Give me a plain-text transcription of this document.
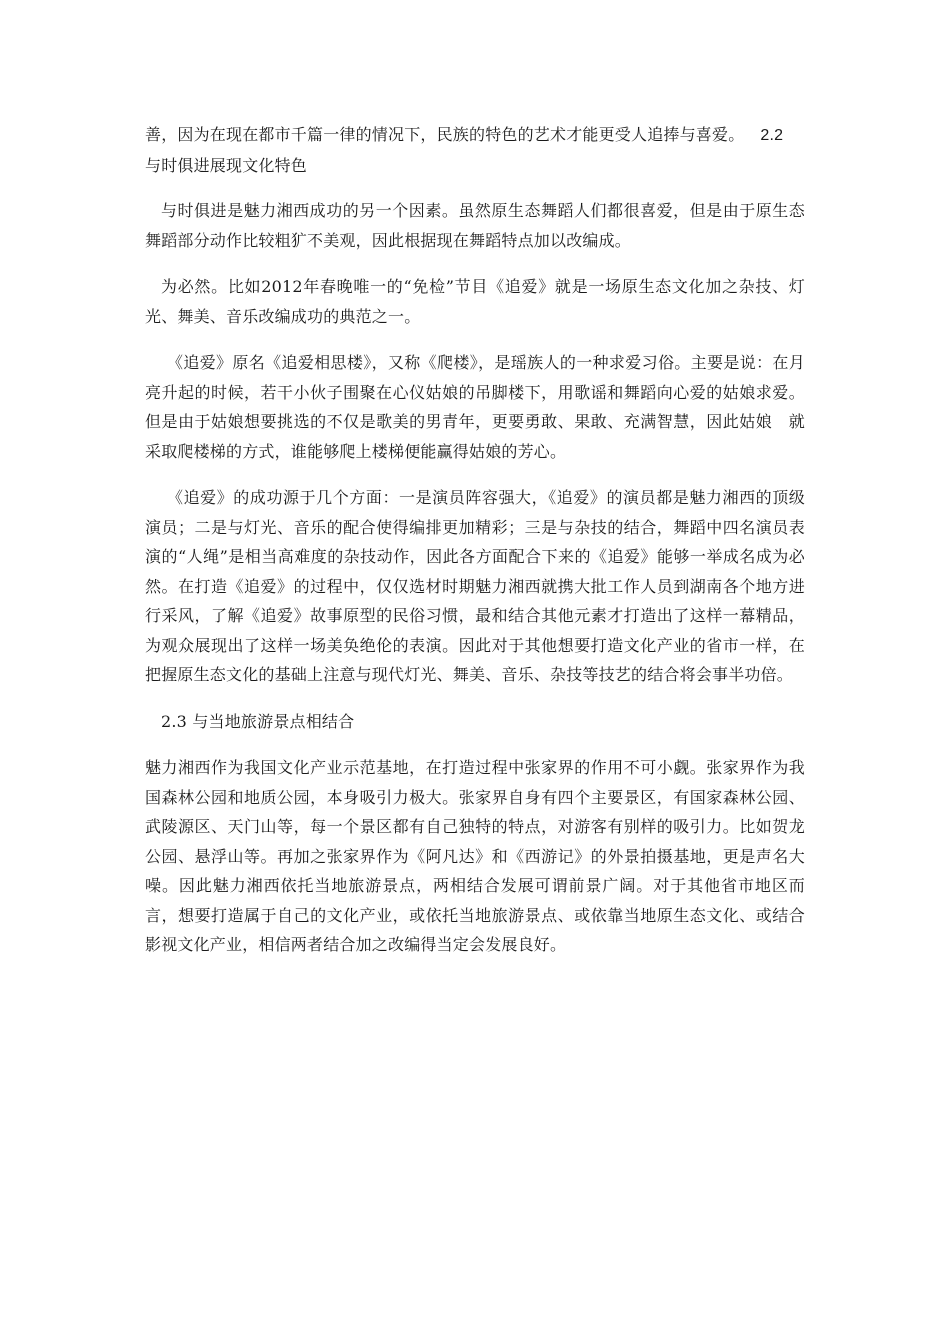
善，因为在现在都市千篇一律的情况下，民族的特色的艺术才能更受人追捧与喜爱。 2.2
与时俱进展现文化特色

与时俱进是魅力湘西成功的另一个因素。虽然原生态舞蹈人们都很喜爱，但是由于原生态舞蹈部分动作比较粗犷不美观，因此根据现在舞蹈特点加以改编成。

为必然。比如2012年春晚唯一的“免检”节目《追爱》就是一场原生态文化加之杂技、灯光、舞美、音乐改编成功的典范之一。

《追爱》原名《追爱相思楼》，又称《爬楼》，是瑶族人的一种求爱习俗。主要是说：在月亮升起的时候，若干小伙子围聚在心仪姑娘的吊脚楼下，用歌谣和舞蹈向心爱的姑娘求爱。但是由于姑娘想要挑选的不仅是歌美的男青年，更要勇敢、果敢、充满智慧，因此姑娘　就采取爬楼梯的方式，谁能够爬上楼梯便能赢得姑娘的芳心。

《追爱》的成功源于几个方面：一是演员阵容强大，《追爱》的演员都是魅力湘西的顶级演员；二是与灯光、音乐的配合使得编排更加精彩；三是与杂技的结合，舞蹈中四名演员表演的“人绳”是相当高难度的杂技动作，因此各方面配合下来的《追爱》能够一举成名成为必然。在打造《追爱》的过程中，仅仅选材时期魅力湘西就携大批工作人员到湖南各个地方进行采风，了解《追爱》故事原型的民俗习惯，最和结合其他元素才打造出了这样一幕精品，为观众展现出了这样一场美奂绝伦的表演。因此对于其他想要打造文化产业的省市一样，在把握原生态文化的基础上注意与现代灯光、舞美、音乐、杂技等技艺的结合将会事半功倍。

2.3 与当地旅游景点相结合

魅力湘西作为我国文化产业示范基地，在打造过程中张家界的作用不可小觑。张家界作为我国森林公园和地质公园，本身吸引力极大。张家界自身有四个主要景区，有国家森林公园、武陵源区、天门山等，每一个景区都有自己独特的特点，对游客有别样的吸引力。比如贺龙公园、悬浮山等。再加之张家界作为《阿凡达》和《西游记》的外景拍摄基地，更是声名大噪。因此魅力湘西依托当地旅游景点，两相结合发展可谓前景广阔。对于其他省市地区而言，想要打造属于自己的文化产业，或依托当地旅游景点、或依靠当地原生态文化、或结合影视文化产业，相信两者结合加之改编得当定会发展良好。
